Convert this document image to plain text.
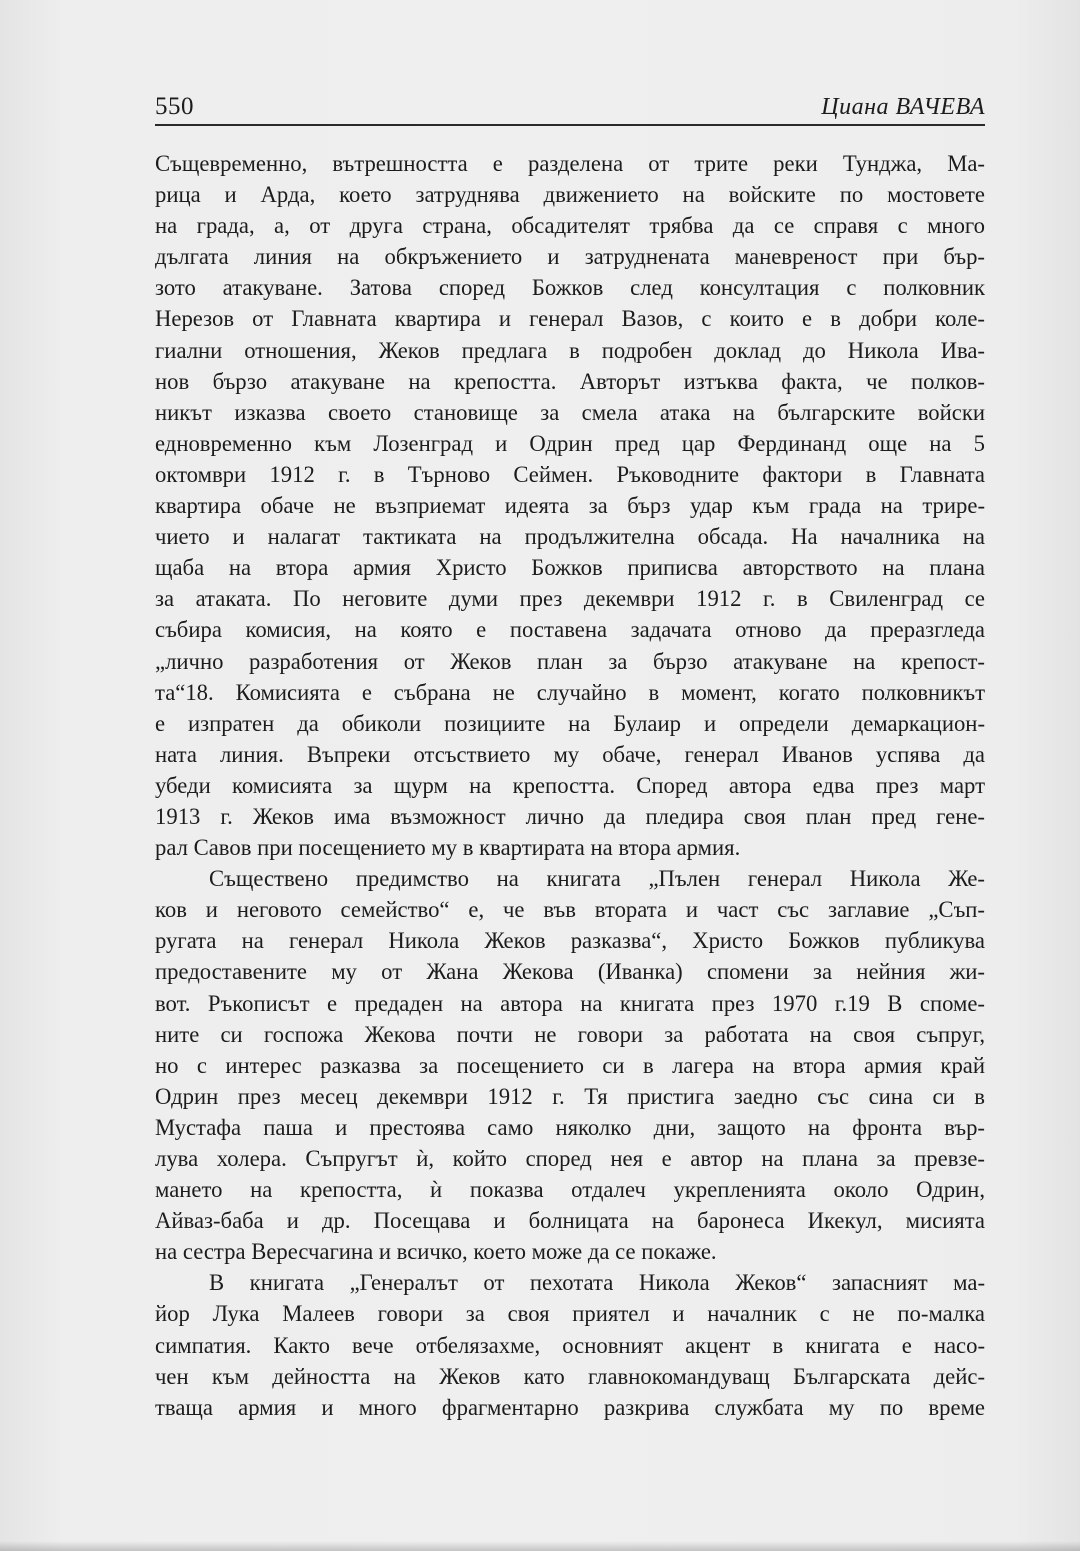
550	Циана ВАЧЕВА
Същевременно, вътрешността е разделена от трите реки Тунджа, Ма-
рица и Арда, което затруднява движението на войските по мостовете
на града, а, от друга страна, обсадителят трябва да се справя с много
дългата линия на обкръжението и затрудненатa маневреност при бър-
зото атакуване. Затова според Божков след консултация с полковник
Нерезов от Главната квартира и генерал Вазов, с които е в добри коле-
гиални отношения, Жеков предлага в подробен доклад до Никола Ива-
нов бързо атакуване на крепостта. Авторът изтъква факта, че полков-
никът изказва своето становище за смела атака на българските войски
едновременно към Лозенград и Одрин пред цар Фердинанд още на 5
октомври 1912 г. в Търново Сеймен. Ръководните фактори в Главната
квартира обаче не възприемат идеята за бърз удар към града на трире-
чието и налагат тактиката на продължителна обсада. На началника на
щаба на втора армия Христо Божков приписва авторството на плана
за атаката. По неговите думи през декември 1912 г. в Свиленград се
събира комисия, на която е поставена задачата отново да преразгледа
„лично разработения от Жеков план за бързо атакуване на крепост-
та“18. Комисията е събрана не случайно в момент, когато полковникът
е изпратен да обиколи позициите на Булаир и определи демаркацион-
ната линия. Въпреки отсъствието му обаче, генерал Иванов успява да
убеди комисията за щурм на крепостта. Според автора едва през март
1913 г. Жеков има възможност лично да пледира своя план пред гене-
рал Савов при посещението му в квартирата на втора армия.
Съществено предимство на книгата „Пълен генерал Никола Же-
ков и неговото семейство“ е, че във втората и част със заглавие „Съп-
ругата на генерал Никола Жеков разказва“, Христо Божков публикува
предоставените му от Жана Жекова (Иванка) спомени за нейния жи-
вот. Ръкописът е предаден на автора на книгата през 1970 г.19 В споме-
ните си госпожа Жекова почти не говори за работата на своя съпруг,
но с интерес разказва за посещението си в лагера на втора армия край
Одрин през месец декември 1912 г. Тя пристига заедно със сина си в
Мустафа паша и престоява само няколко дни, защото на фронта вър-
лува холера. Съпругът ѝ, който според нея е автор на плана за превзе-
мането на крепостта, ѝ показва отдалеч укрепленията около Одрин,
Айваз-баба и др. Посещава и болницата на баронеса Икекул, мисията
на сестра Вересчагина и всичко, което може да се покаже.
В книгата „Генералът от пехотата Никола Жеков“ запасният ма-
йор Лука Малеев говори за своя приятел и началник с не по-малка
симпатия. Както вече отбелязахме, основният акцент в книгата е насо-
чен към дейността на Жеков като главнокомандуващ Българската дейс-
тваща армия и много фрагментарно разкрива службата му по време
